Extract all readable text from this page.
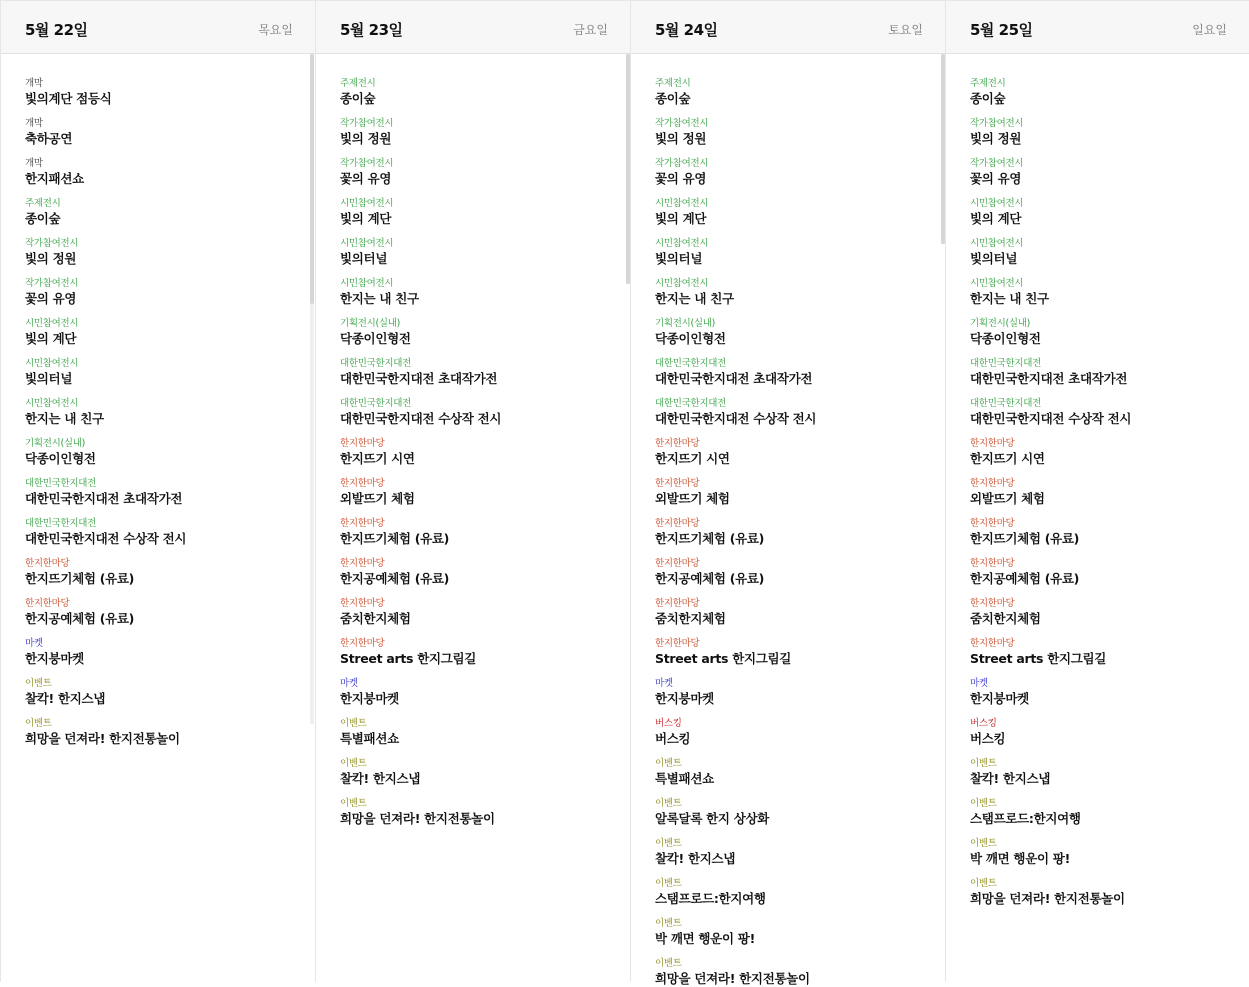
5월 22일	목요일
개막
빛의계단 점등식
개막
축하공연
개막
한지패션쇼
주제전시
종이숲
작가참여전시
빛의 정원
작가참여전시
꽃의 유영
시민참여전시
빛의 계단
시민참여전시
빛의터널
시민참여전시
한지는 내 친구
기획전시(실내)
닥종이인형전
대한민국한지대전
대한민국한지대전 초대작가전
대한민국한지대전
대한민국한지대전 수상작 전시
한지한마당
한지뜨기체험 (유료)
한지한마당
한지공예체험 (유료)
마켓
한지붕마켓
이벤트
찰칵! 한지스냅
이벤트
희망을 던져라! 한지전통놀이
5월 23일	금요일
주제전시
종이숲
작가참여전시
빛의 정원
작가참여전시
꽃의 유영
시민참여전시
빛의 계단
시민참여전시
빛의터널
시민참여전시
한지는 내 친구
기획전시(실내)
닥종이인형전
대한민국한지대전
대한민국한지대전 초대작가전
대한민국한지대전
대한민국한지대전 수상작 전시
한지한마당
한지뜨기 시연
한지한마당
외발뜨기 체험
한지한마당
한지뜨기체험 (유료)
한지한마당
한지공예체험 (유료)
한지한마당
줌치한지체험
한지한마당
Street arts 한지그림길
마켓
한지붕마켓
이벤트
특별패션쇼
이벤트
찰칵! 한지스냅
이벤트
희망을 던져라! 한지전통놀이
5월 24일	토요일
주제전시
종이숲
작가참여전시
빛의 정원
작가참여전시
꽃의 유영
시민참여전시
빛의 계단
시민참여전시
빛의터널
시민참여전시
한지는 내 친구
기획전시(실내)
닥종이인형전
대한민국한지대전
대한민국한지대전 초대작가전
대한민국한지대전
대한민국한지대전 수상작 전시
한지한마당
한지뜨기 시연
한지한마당
외발뜨기 체험
한지한마당
한지뜨기체험 (유료)
한지한마당
한지공예체험 (유료)
한지한마당
줌치한지체험
한지한마당
Street arts 한지그림길
마켓
한지붕마켓
버스킹
버스킹
이벤트
특별패션쇼
이벤트
알록달록 한지 상상화
이벤트
찰칵! 한지스냅
이벤트
스탬프로드:한지여행
이벤트
박 깨면 행운이 팡!
이벤트
희망을 던져라! 한지전통놀이
5월 25일	일요일
주제전시
종이숲
작가참여전시
빛의 정원
작가참여전시
꽃의 유영
시민참여전시
빛의 계단
시민참여전시
빛의터널
시민참여전시
한지는 내 친구
기획전시(실내)
닥종이인형전
대한민국한지대전
대한민국한지대전 초대작가전
대한민국한지대전
대한민국한지대전 수상작 전시
한지한마당
한지뜨기 시연
한지한마당
외발뜨기 체험
한지한마당
한지뜨기체험 (유료)
한지한마당
한지공예체험 (유료)
한지한마당
줌치한지체험
한지한마당
Street arts 한지그림길
마켓
한지붕마켓
버스킹
버스킹
이벤트
찰칵! 한지스냅
이벤트
스탬프로드:한지여행
이벤트
박 깨면 행운이 팡!
이벤트
희망을 던져라! 한지전통놀이
